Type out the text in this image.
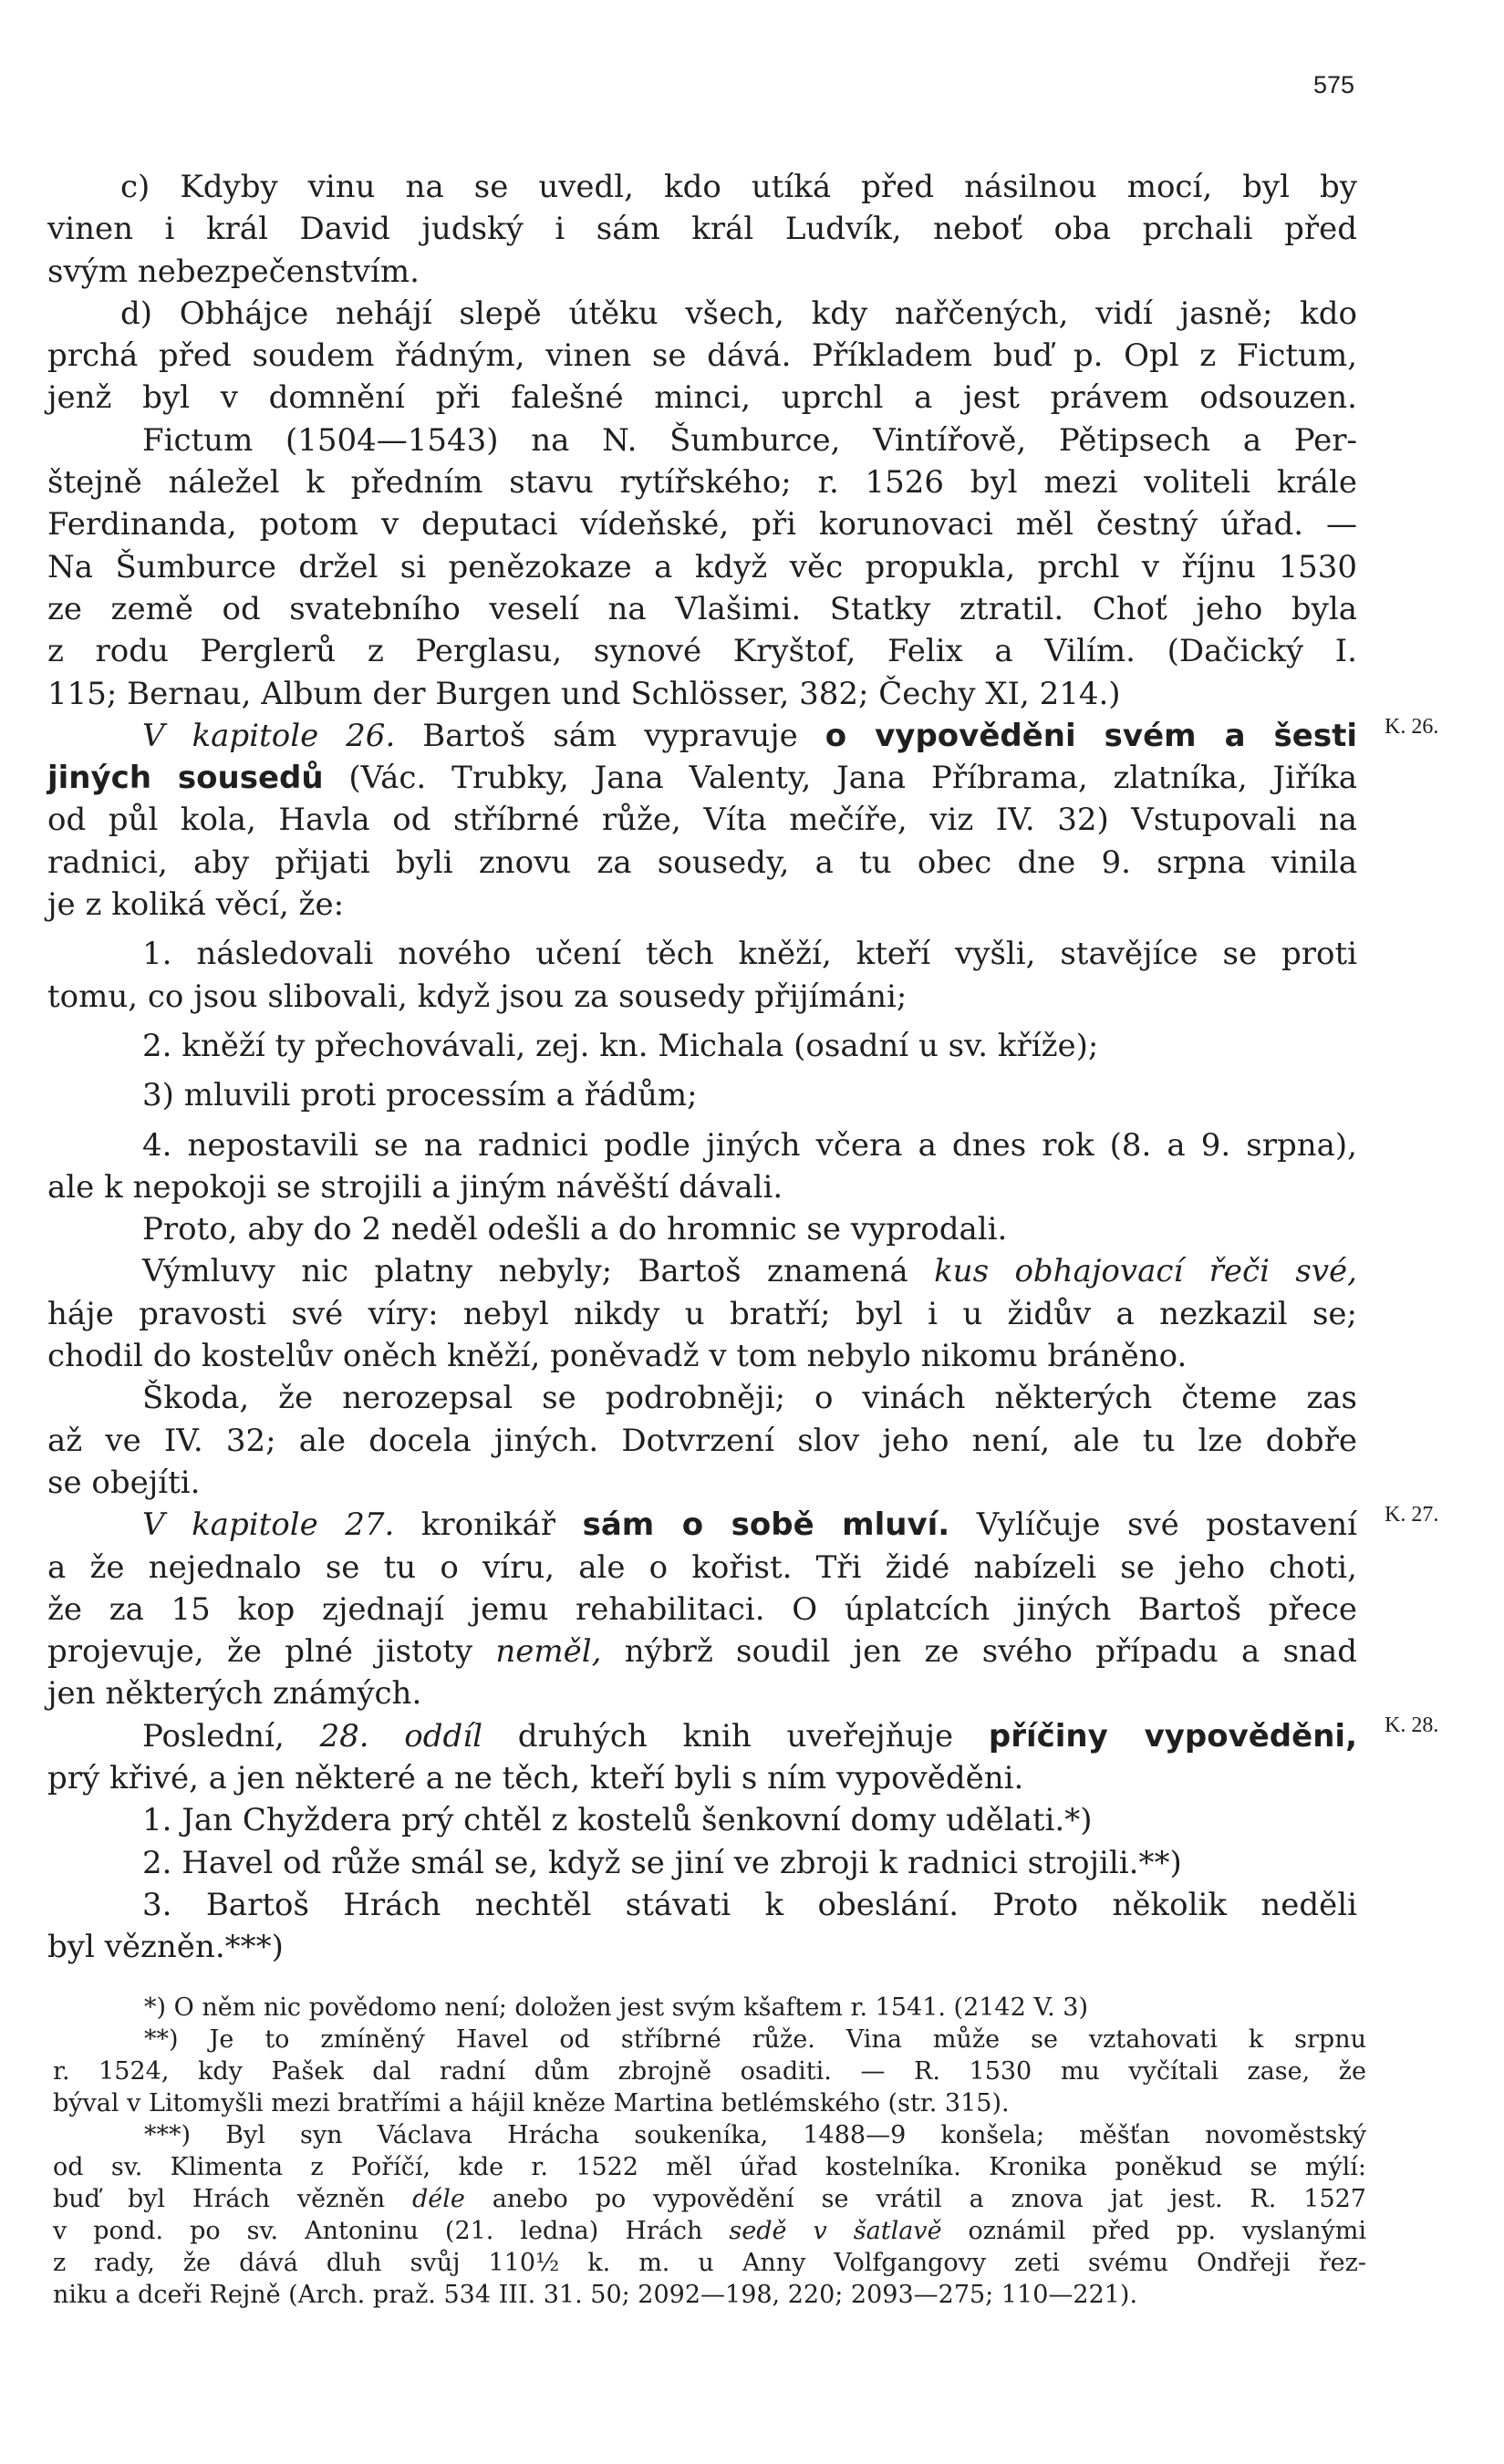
575
K. 26.
K. 27.
K. 28.
c) Kdyby vinu na se uvedl, kdo utíká před násilnou mocí, byl by
vinen i král David judský i sám král Ludvík, neboť oba prchali před
svým nebezpečenstvím.
d) Obhájce nehájí slepě útěku všech, kdy nařčených, vidí jasně; kdo
prchá před soudem řádným, vinen se dává. Příkladem buď p. Opl z Fictum,
jenž byl v domnění při falešné minci, uprchl a jest právem odsouzen.
Fictum (1504—1543) na N. Šumburce, Vintířově, Pětipsech a Per-
štejně náležel k předním stavu rytířského; r. 1526 byl mezi voliteli krále
Ferdinanda, potom v deputaci vídeňské, při korunovaci měl čestný úřad. —
Na Šumburce držel si penězokaze a když věc propukla, prchl v říjnu 1530
ze země od svatebního veselí na Vlašimi. Statky ztratil. Choť jeho byla
z rodu Perglerů z Perglasu, synové Kryštof, Felix a Vilím. (Dačický I.
115; Bernau, Album der Burgen und Schlösser, 382; Čechy XI, 214.)
V kapitole 26. Bartoš sám vypravuje o vypověděni svém a šesti
jiných sousedů (Vác. Trubky, Jana Valenty, Jana Příbrama, zlatníka, Jiříka
od půl kola, Havla od stříbrné růže, Víta mečíře, viz IV. 32) Vstupovali na
radnici, aby přijati byli znovu za sousedy, a tu obec dne 9. srpna vinila
je z koliká věcí, že:
1. následovali nového učení těch kněží, kteří vyšli, stavějíce se proti
tomu, co jsou slibovali, když jsou za sousedy přijímáni;
2. kněží ty přechovávali, zej. kn. Michala (osadní u sv. kříže);
3) mluvili proti processím a řádům;
4. nepostavili se na radnici podle jiných včera a dnes rok (8. a 9. srpna),
ale k nepokoji se strojili a jiným návěští dávali.
Proto, aby do 2 neděl odešli a do hromnic se vyprodali.
Výmluvy nic platny nebyly; Bartoš znamená kus obhajovací řeči své,
háje pravosti své víry: nebyl nikdy u bratří; byl i u židův a nezkazil se;
chodil do kostelův oněch kněží, poněvadž v tom nebylo nikomu bráněno.
Škoda, že nerozepsal se podrobněji; o vinách některých čteme zas
až ve IV. 32; ale docela jiných. Dotvrzení slov jeho není, ale tu lze dobře
se obejíti.
V kapitole 27. kronikář sám o sobě mluví. Vylíčuje své postavení
a že nejednalo se tu o víru, ale o kořist. Tři židé nabízeli se jeho choti,
že za 15 kop zjednají jemu rehabilitaci. O úplatcích jiných Bartoš přece
projevuje, že plné jistoty neměl, nýbrž soudil jen ze svého případu a snad
jen některých známých.
Poslední, 28. oddíl druhých knih uveřejňuje příčiny vypověděni,
prý křivé, a jen některé a ne těch, kteří byli s ním vypověděni.
1. Jan Chyždera prý chtěl z kostelů šenkovní domy udělati.*)
2. Havel od růže smál se, když se jiní ve zbroji k radnici strojili.**)
3. Bartoš Hrách nechtěl stávati k obeslání. Proto několik neděli
byl vězněn.***)
*) O něm nic povědomo není; doložen jest svým kšaftem r. 1541. (2142 V. 3)
**) Je to zmíněný Havel od stříbrné růže. Vina může se vztahovati k srpnu
r. 1524, kdy Pašek dal radní dům zbrojně osaditi. — R. 1530 mu vyčítali zase, že
býval v Litomyšli mezi bratřími a hájil kněze Martina betlémského (str. 315).
***) Byl syn Václava Hrácha soukeníka, 1488—9 konšela; měšťan novoměstský
od sv. Klimenta z Poříčí, kde r. 1522 měl úřad kostelníka. Kronika poněkud se mýlí:
buď byl Hrách vězněn déle anebo po vypovědění se vrátil a znova jat jest. R. 1527
v pond. po sv. Antoninu (21. ledna) Hrách sedě v šatlavě oznámil před pp. vyslanými
z rady, že dává dluh svůj 110½ k. m. u Anny Volfgangovy zeti svému Ondřeji řez-
niku a dceři Rejně (Arch. praž. 534 III. 31. 50; 2092—198, 220; 2093—275; 110—221).
